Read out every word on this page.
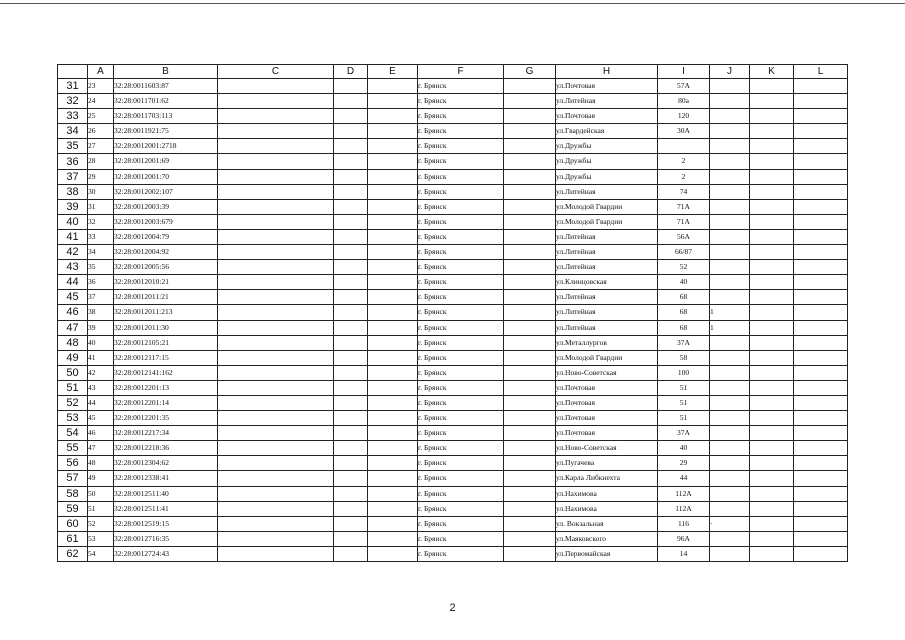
	A	B	C	D	E	F	G	H	I	J	K	L
31	23	32:28:0011603:87				г. Брянск		ул.Почтовая	57А			
32	24	32:28:0011701:62				г. Брянск		ул.Литейная	80а			
33	25	32:28:0011703:113				г. Брянск		ул.Почтовая	120			
34	26	32:28:0011921:75				г. Брянск		ул.Гвардейская	30А			
35	27	32:28:0012001:2718				г. Брянск		ул.Дружбы				
36	28	32:28:0012001:69				г. Брянск		ул.Дружбы	2			
37	29	32:28:0012001:70				г. Брянск		ул.Дружбы	2			
38	30	32:28:0012002:107				г. Брянск		ул.Литейная	74			
39	31	32:28:0012003:39				г. Брянск		ул.Молодой Гвардии	71А			
40	32	32:28:0012003:679				г. Брянск		ул.Молодой Гвардии	71А			
41	33	32:28:0012004:79				г. Брянск		ул.Литейная	56А			
42	34	32:28:0012004:92				г. Брянск		ул.Литейная	66/87			
43	35	32:28:0012005:56				г. Брянск		ул.Литейная	52			
44	36	32:28:0012010:21				г. Брянск		ул.Клинцовская	40			
45	37	32:28:0012011:21				г. Брянск		ул.Литейная	68			
46	38	32:28:0012011:213				г. Брянск		ул.Литейная	68	1		
47	39	32:28:0012011:30				г. Брянск		ул.Литейная	68	1		
48	40	32:28:0012105:21				г. Брянск		ул.Металлургов	37А			
49	41	32:28:0012117:15				г. Брянск		ул.Молодой Гвардии	58			
50	42	32:28:0012141:162				г. Брянск		ул.Ново-Советская	100			
51	43	32:28:0012201:13				г. Брянск		ул.Почтовая	51			
52	44	32:28:0012201:14				г. Брянск		ул.Почтовая	51			
53	45	32:28:0012201:35				г. Брянск		ул.Почтовая	51			
54	46	32:28:0012217:34				г. Брянск		ул.Почтовая	37А			
55	47	32:28:0012218:36				г. Брянск		ул.Ново-Советская	40			
56	48	32:28:0012304:62				г. Брянск		ул.Пугачева	29			
57	49	32:28:0012338:41				г. Брянск		ул.Карла Либкнехта	44			
58	50	32:28:0012511:40				г. Брянск		ул.Нахимова	112А			
59	51	32:28:0012511:41				г. Брянск		ул.Нахимова	112А			
60	52	32:28:0012519:15				г. Брянск		ул. Вокзальная	116	·		
61	53	32:28:0012716:35				г. Брянск		ул.Маяковского	96А			
62	54	32:28:0012724:43				г. Брянск		ул.Первомайская	14			
2
